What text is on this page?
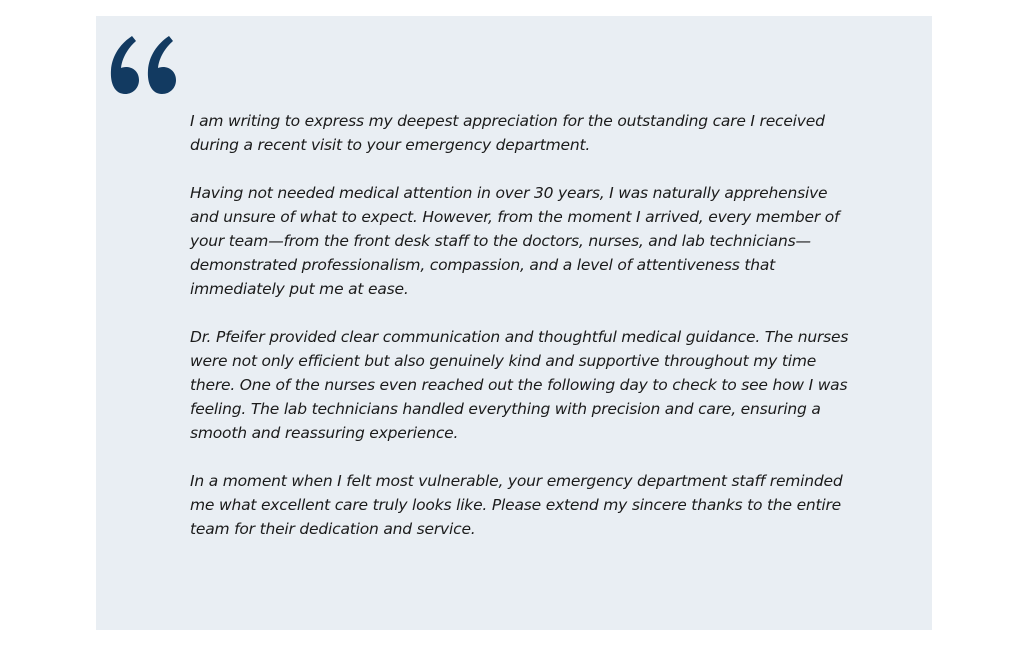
I am writing to express my deepest appreciation for the outstanding care I received during a recent visit to your emergency department.

Having not needed medical attention in over 30 years, I was naturally apprehensive and unsure of what to expect. However, from the moment I arrived, every member of your team—from the front desk staff to the doctors, nurses, and lab technicians—demonstrated professionalism, compassion, and a level of attentiveness that immediately put me at ease.

Dr. Pfeifer provided clear communication and thoughtful medical guidance. The nurses were not only efficient but also genuinely kind and supportive throughout my time there. One of the nurses even reached out the following day to check to see how I was feeling. The lab technicians handled everything with precision and care, ensuring a smooth and reassuring experience.

In a moment when I felt most vulnerable, your emergency department staff reminded me what excellent care truly looks like. Please extend my sincere thanks to the entire team for their dedication and service.
